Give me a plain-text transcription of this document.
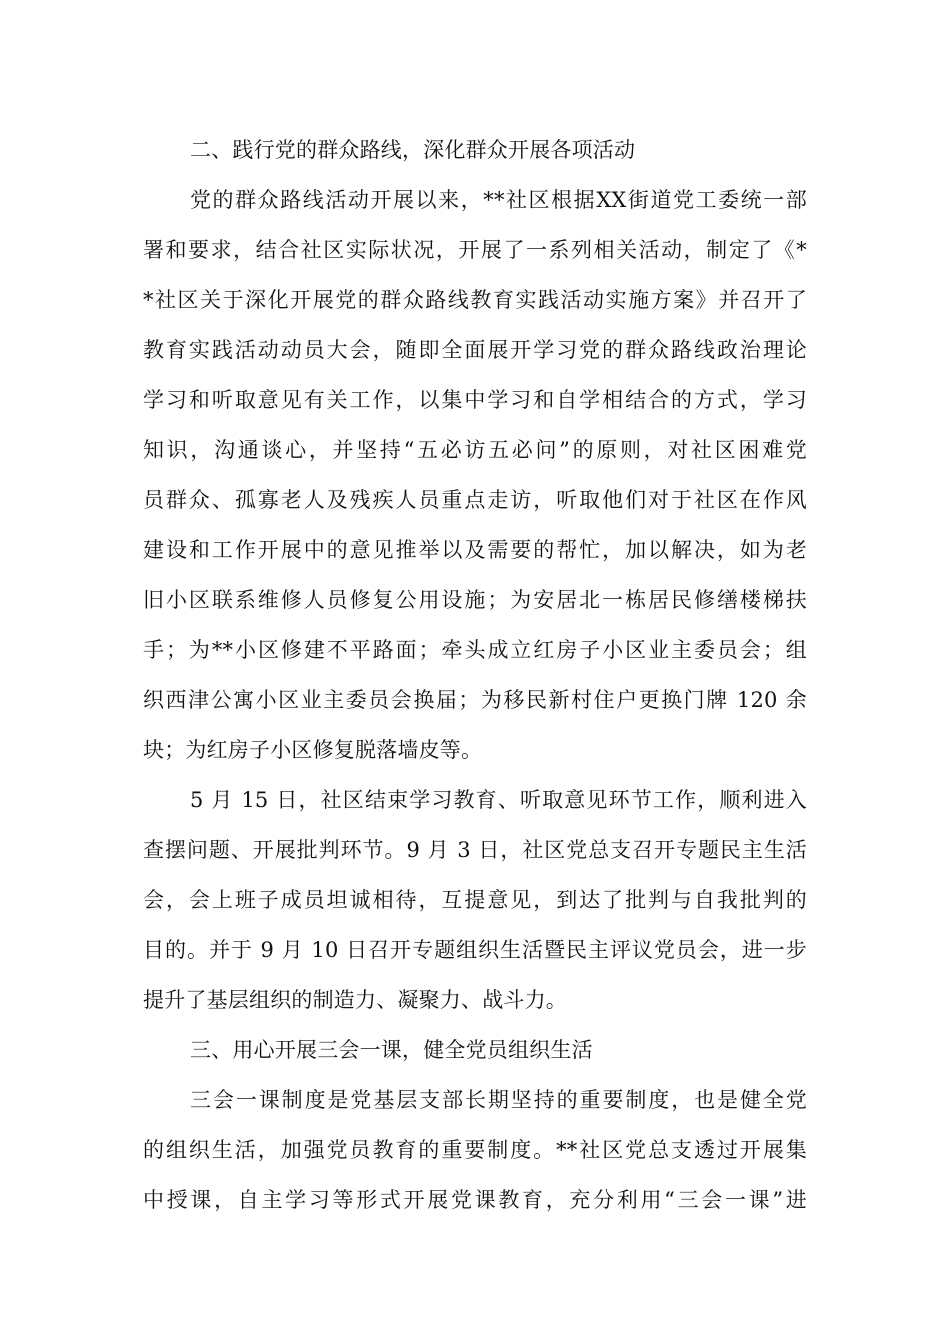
二、践行党的群众路线，深化群众开展各项活动
党的群众路线活动开展以来，**社区根据XX街道党工委统一部
署和要求，结合社区实际状况，开展了一系列相关活动，制定了《*
*社区关于深化开展党的群众路线教育实践活动实施方案》并召开了
教育实践活动动员大会，随即全面展开学习党的群众路线政治理论
学习和听取意见有关工作，以集中学习和自学相结合的方式，学习
知识，沟通谈心，并坚持“五必访五必问”的原则，对社区困难党
员群众、孤寡老人及残疾人员重点走访，听取他们对于社区在作风
建设和工作开展中的意见推举以及需要的帮忙，加以解决，如为老
旧小区联系维修人员修复公用设施；为安居北一栋居民修缮楼梯扶
手；为**小区修建不平路面；牵头成立红房子小区业主委员会；组
织西津公寓小区业主委员会换届；为移民新村住户更换门牌 120 余
块；为红房子小区修复脱落墙皮等。
5 月 15 日，社区结束学习教育、听取意见环节工作，顺利进入
查摆问题、开展批判环节。9 月 3 日，社区党总支召开专题民主生活
会，会上班子成员坦诚相待，互提意见，到达了批判与自我批判的
目的。并于 9 月 10 日召开专题组织生活暨民主评议党员会，进一步
提升了基层组织的制造力、凝聚力、战斗力。
三、用心开展三会一课，健全党员组织生活
三会一课制度是党基层支部长期坚持的重要制度，也是健全党
的组织生活，加强党员教育的重要制度。**社区党总支透过开展集
中授课，自主学习等形式开展党课教育，充分利用“三会一课”进
